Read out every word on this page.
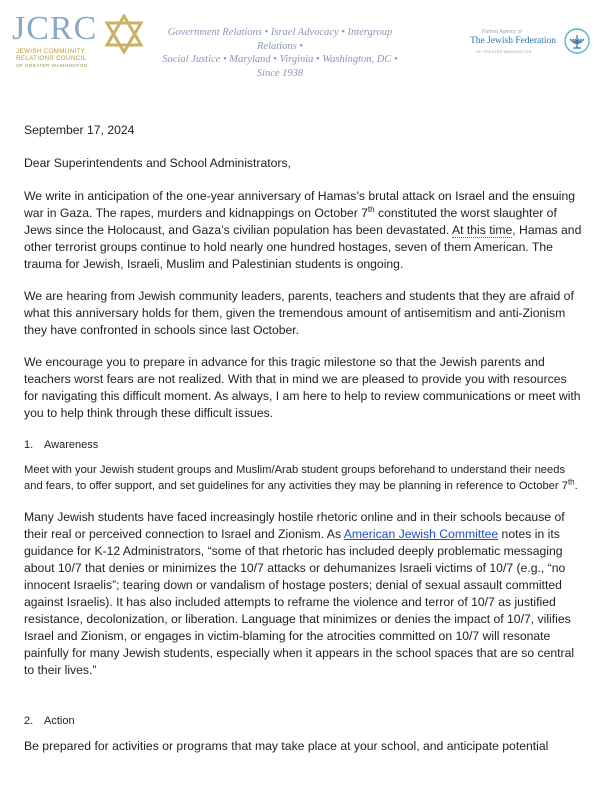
JCRC
JEWISH COMMUNITY
RELATIONS COUNCIL
OF GREATER WASHINGTON
Government Relations • Israel Advocacy • Intergroup Relations •
Social Justice • Maryland • Virginia • Washington, DC •
Since 1938
Partner Agency of
The Jewish Federation
OF GREATER WASHINGTON

September 17, 2024

Dear Superintendents and School Administrators,

We write in anticipation of the one-year anniversary of Hamas’s brutal attack on Israel and the ensuing war in Gaza. The rapes, murders and kidnappings on October 7th constituted the worst slaughter of Jews since the Holocaust, and Gaza’s civilian population has been devastated. At this time, Hamas and other terrorist groups continue to hold nearly one hundred hostages, seven of them American. The trauma for Jewish, Israeli, Muslim and Palestinian students is ongoing.

We are hearing from Jewish community leaders, parents, teachers and students that they are afraid of what this anniversary holds for them, given the tremendous amount of antisemitism and anti-Zionism they have confronted in schools since last October.

We encourage you to prepare in advance for this tragic milestone so that the Jewish parents and teachers worst fears are not realized. With that in mind we are pleased to provide you with resources for navigating this difficult moment. As always, I am here to help to review communications or meet with you to help think through these difficult issues.

1. Awareness

Meet with your Jewish student groups and Muslim/Arab student groups beforehand to understand their needs and fears, to offer support, and set guidelines for any activities they may be planning in reference to October 7th.

Many Jewish students have faced increasingly hostile rhetoric online and in their schools because of their real or perceived connection to Israel and Zionism. As American Jewish Committee notes in its guidance for K-12 Administrators, “some of that rhetoric has included deeply problematic messaging about 10/7 that denies or minimizes the 10/7 attacks or dehumanizes Israeli victims of 10/7 (e.g., “no innocent Israelis”; tearing down or vandalism of hostage posters; denial of sexual assault committed against Israelis). It has also included attempts to reframe the violence and terror of 10/7 as justified resistance, decolonization, or liberation. Language that minimizes or denies the impact of 10/7, vilifies Israel and Zionism, or engages in victim-blaming for the atrocities committed on 10/7 will resonate painfully for many Jewish students, especially when it appears in the school spaces that are so central to their lives.”

2. Action

Be prepared for activities or programs that may take place at your school, and anticipate potential
